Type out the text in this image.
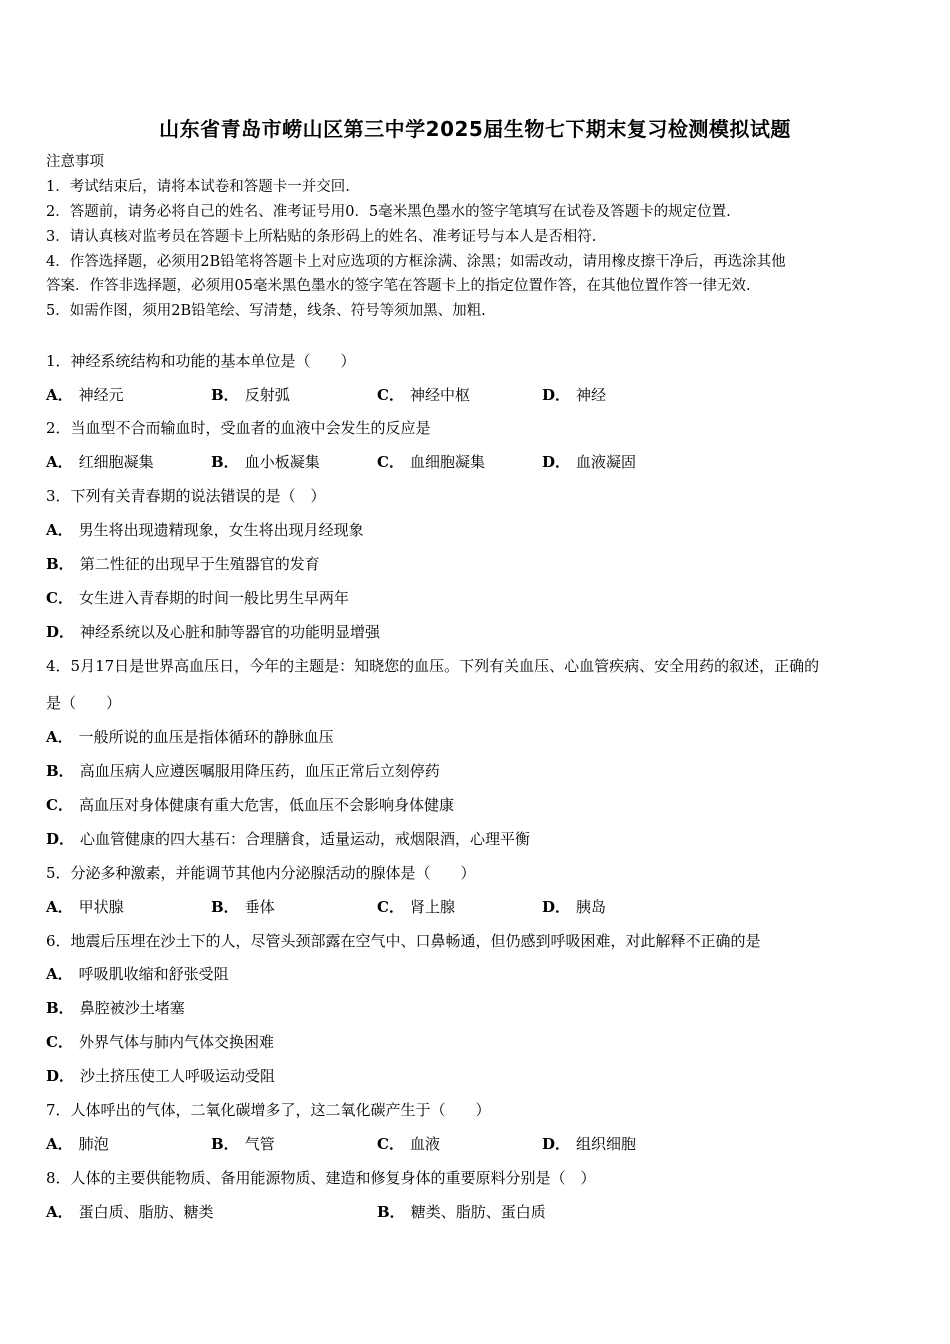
山东省青岛市崂山区第三中学2025届生物七下期末复习检测模拟试题
注意事项
1．考试结束后，请将本试卷和答题卡一并交回.
2．答题前，请务必将自己的姓名、准考证号用0．5毫米黑色墨水的签字笔填写在试卷及答题卡的规定位置.
3．请认真核对监考员在答题卡上所粘贴的条形码上的姓名、准考证号与本人是否相符.
4．作答选择题，必须用2B铅笔将答题卡上对应选项的方框涂满、涂黑；如需改动，请用橡皮擦干净后，再选涂其他
答案．作答非选择题，必须用05毫米黑色墨水的签字笔在答题卡上的指定位置作答，在其他位置作答一律无效.
5．如需作图，须用2B铅笔绘、写清楚，线条、符号等须加黑、加粗.
1．神经系统结构和功能的基本单位是（　　）
A． 神经元	B． 反射弧	C． 神经中枢	D． 神经
2．当血型不合而输血时，受血者的血液中会发生的反应是
A． 红细胞凝集	B． 血小板凝集	C． 血细胞凝集	D． 血液凝固
3．下列有关青春期的说法错误的是（　）
A． 男生将出现遗精现象，女生将出现月经现象
B． 第二性征的出现早于生殖器官的发育
C． 女生进入青春期的时间一般比男生早两年
D． 神经系统以及心脏和肺等器官的功能明显增强
4．5月17日是世界高血压日，今年的主题是：知晓您的血压。下列有关血压、心血管疾病、安全用药的叙述，正确的
是（　　）
A． 一般所说的血压是指体循环的静脉血压
B． 高血压病人应遵医嘱服用降压药，血压正常后立刻停药
C． 高血压对身体健康有重大危害，低血压不会影响身体健康
D． 心血管健康的四大基石：合理膳食，适量运动，戒烟限酒，心理平衡
5．分泌多种激素，并能调节其他内分泌腺活动的腺体是（　　）
A． 甲状腺	B． 垂体	C． 肾上腺	D． 胰岛
6．地震后压埋在沙土下的人，尽管头颈部露在空气中、口鼻畅通，但仍感到呼吸困难，对此解释不正确的是
A． 呼吸肌收缩和舒张受阻
B． 鼻腔被沙土堵塞
C． 外界气体与肺内气体交换困难
D． 沙土挤压使工人呼吸运动受阻
7．人体呼出的气体，二氧化碳增多了，这二氧化碳产生于（　　）
A． 肺泡	B． 气管	C． 血液	D． 组织细胞
8．人体的主要供能物质、备用能源物质、建造和修复身体的重要原料分别是（　）
A． 蛋白质、脂肪、糖类	B． 糖类、脂肪、蛋白质
